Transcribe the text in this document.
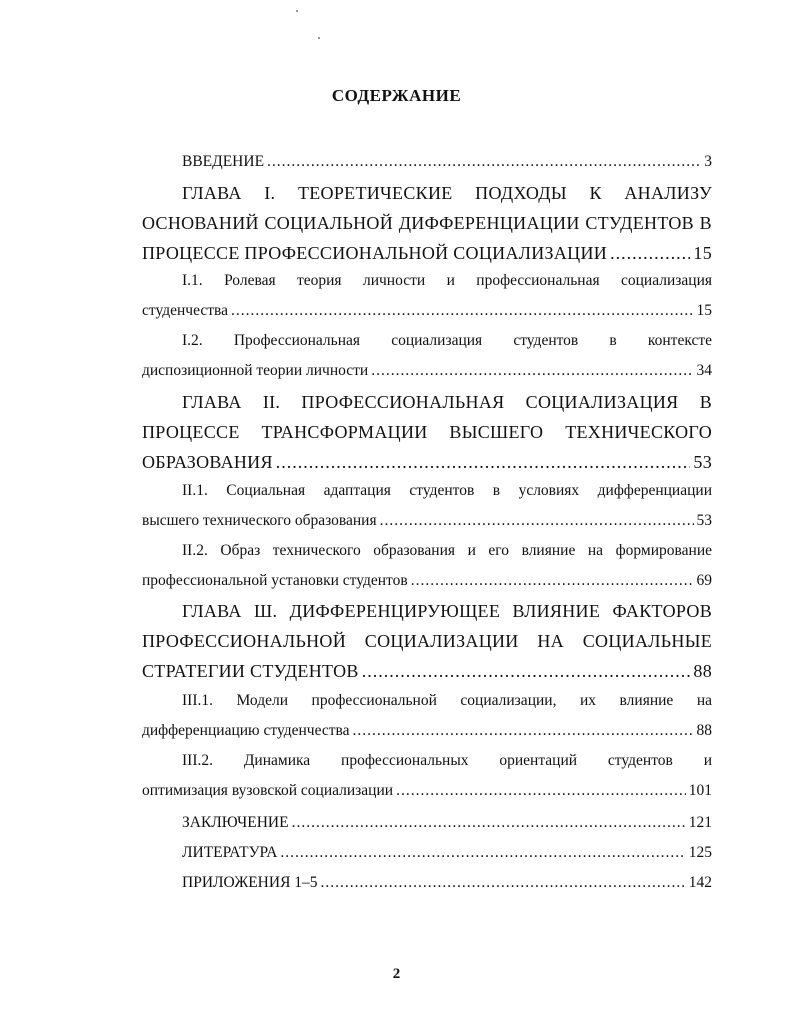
СОДЕРЖАНИЕ
ВВЕДЕНИЕ .....	3
ГЛАВА I. ТЕОРЕТИЧЕСКИЕ ПОДХОДЫ К АНАЛИЗУ
ОСНОВАНИЙ СОЦИАЛЬНОЙ ДИФФЕРЕНЦИАЦИИ СТУДЕНТОВ В
ПРОЦЕССЕ ПРОФЕССИОНАЛЬНОЙ СОЦИАЛИЗАЦИИ .....	15
I.1. Ролевая теория личности и профессиональная социализация
студенчества .....	15
I.2. Профессиональная социализация студентов в контексте
диспозиционной теории личности .....	34
ГЛАВА II. ПРОФЕССИОНАЛЬНАЯ СОЦИАЛИЗАЦИЯ В
ПРОЦЕССЕ ТРАНСФОРМАЦИИ ВЫСШЕГО ТЕХНИЧЕСКОГО
ОБРАЗОВАНИЯ .....	53
II.1. Социальная адаптация студентов в условиях дифференциации
высшего технического образования .....	53
II.2. Образ технического образования и его влияние на формирование
профессиональной установки студентов .....	69
ГЛАВА Ш. ДИФФЕРЕНЦИРУЮЩЕЕ ВЛИЯНИЕ ФАКТОРОВ
ПРОФЕССИОНАЛЬНОЙ СОЦИАЛИЗАЦИИ НА СОЦИАЛЬНЫЕ
СТРАТЕГИИ СТУДЕНТОВ .....	88
III.1. Модели профессиональной социализации, их влияние на
дифференциацию студенчества .....	88
III.2. Динамика профессиональных ориентаций студентов и
оптимизация вузовской социализации .....	101
ЗАКЛЮЧЕНИЕ .....	121
ЛИТЕРАТУРА .....	125
ПРИЛОЖЕНИЯ 1–5 .....	142
2
